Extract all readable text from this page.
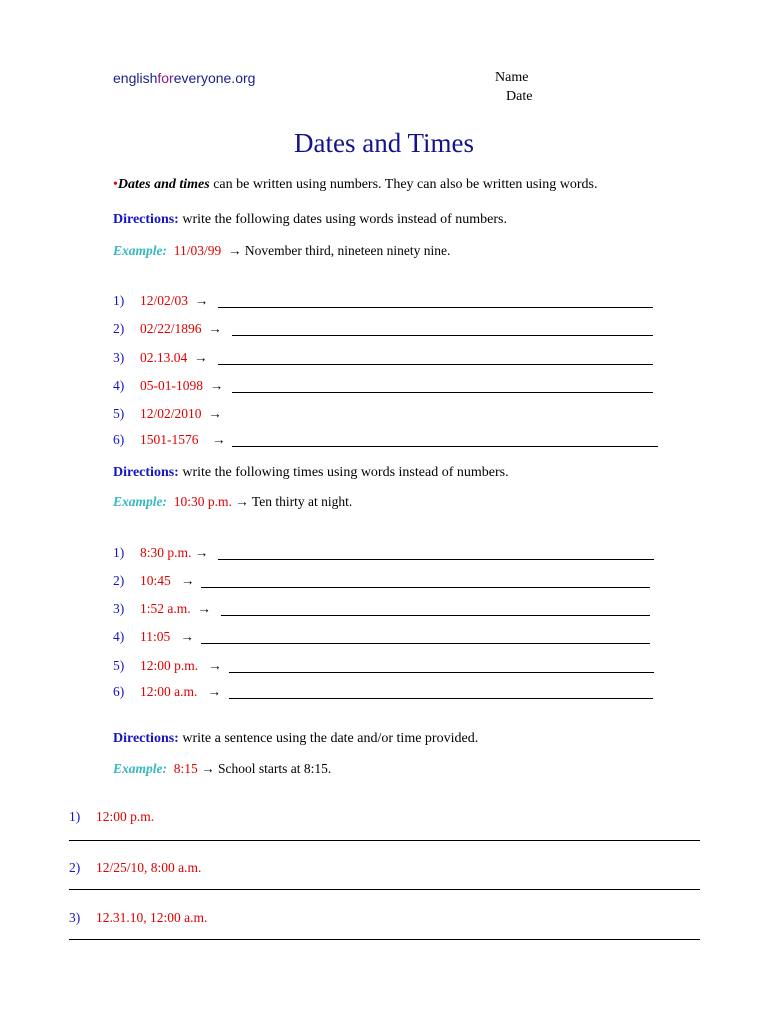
englishforeveryone.org	Name
Date
Dates and Times
•Dates and times can be written using numbers. They can also be written using words.
Directions: write the following dates using words instead of numbers.
Example: 11/03/99 → November third, nineteen ninety nine.
1) 12/02/03 →
2) 02/22/1896 →
3) 02.13.04 →
4) 05-01-1098 →
5) 12/02/2010 →
6) 1501-1576 →
Directions: write the following times using words instead of numbers.
Example: 10:30 p.m. → Ten thirty at night.
1) 8:30 p.m. →
2) 10:45 →
3) 1:52 a.m. →
4) 11:05 →
5) 12:00 p.m. →
6) 12:00 a.m. →
Directions: write a sentence using the date and/or time provided.
Example: 8:15 → School starts at 8:15.
1) 12:00 p.m.
2) 12/25/10, 8:00 a.m.
3) 12.31.10, 12:00 a.m.
